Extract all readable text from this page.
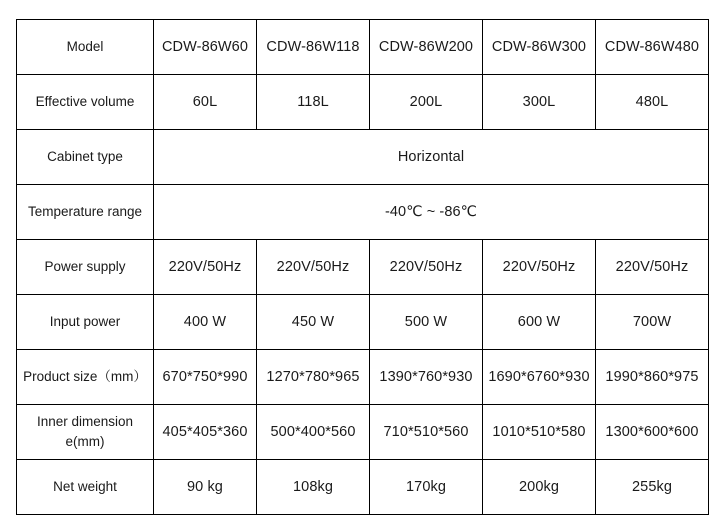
Model	CDW-86W60	CDW-86W118	CDW-86W200	CDW-86W300	CDW-86W480
Effective volume	60L	118L	200L	300L	480L
Cabinet type	Horizontal				
Temperature range	-40℃ ~ -86℃				
Power supply	220V/50Hz	220V/50Hz	220V/50Hz	220V/50Hz	220V/50Hz
Input power	400 W	450 W	500 W	600 W	700W
Product size（mm）	670*750*990	1270*780*965	1390*760*930	1690*6760*930	1990*860*975
Inner dimension e(mm)	405*405*360	500*400*560	710*510*560	1010*510*580	1300*600*600
Net weight	90 kg	108kg	170kg	200kg	255kg
